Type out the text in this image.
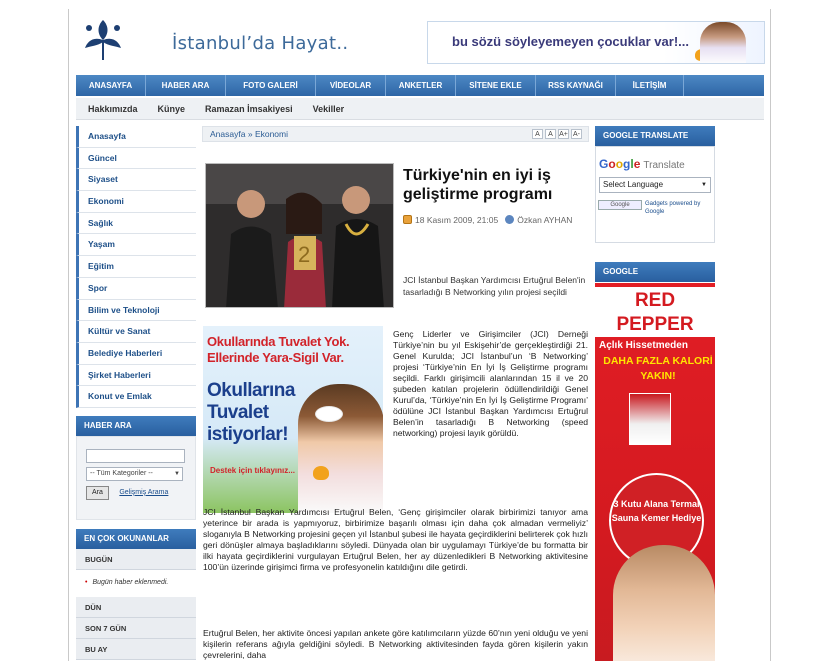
İstanbul’da Hayat..	bu sözü söyleyemeyen çocuklar var!...
ANASAYFA	HABER ARA	FOTO GALERİ	VİDEOLAR	ANKETLER	SİTENE EKLE	RSS KAYNAĞI	İLETİŞİM
Hakkımızda Künye Ramazan İmsakiyesi Vekiller
Anasayfa
Güncel
Siyaset
Ekonomi
Sağlık
Yaşam
Eğitim
Spor
Bilim ve Teknoloji
Kültür ve Sanat
Belediye Haberleri
Şirket Haberleri
Konut ve Emlak
HABER ARA
-- Tüm Kategoriler -- ▼
Ara Gelişmiş Arama
EN ÇOK OKUNANLAR
BUGÜN
• Bugün haber eklenmedi.
DÜN
SON 7 GÜN
BU AY
Anasayfa » Ekonomi	A	A A+ A-
2
Türkiye'nin en iyi iş geliştirme programı
18 Kasım 2009, 21:05 Özkan AYHAN
JCI İstanbul Başkan Yardımcısı Ertuğrul Belen'in tasarladığı B Networking yılın projesi seçildi
Okullarında Tuvalet Yok. Ellerinde Yara-Sigil Var.
Okullarına Tuvalet istiyorlar!
Destek için tıklayınız...
Genç Liderler ve Girişimciler (JCI) Derneği Türkiye’nin bu yıl Eskişehir’de gerçekleştirdiği 21. Genel Kurulda; JCI İstanbul’un ‘B Networking’ projesi ‘Türkiye’nin En İyi İş Geliştirme programı seçildi. Farklı girişimcili alanlarından 15 il ve 20 şubeden katılan projelerin ödüllendirildiği Genel Kurul’da, ‘Türkiye’nin En İyi İş Geliştirme Programı’ ödülüne JCI İstanbul Başkan Yardımcısı Ertuğrul Belen’in tasarladığı B Networking (speed networking) projesi layık görüldü.
JCI İstanbul Başkan Yardımcısı Ertuğrul Belen, ‘Genç girişimciler olarak birbirimizi tanıyor ama yeterince bir arada is yapmıyoruz, birbirimize başarılı olması için daha çok almadan vermeliyiz’ sloganıyla B Networking projesini geçen yıl İstanbul şubesi ile hayata geçirdiklerini belirterek çok hızlı geri dönüşler almaya başladıklarını söyledi. Dünyada olan bir uygulamayı Türkiye’de bu formatta bir ilki hayata geçirdiklerini vurgulayan Ertuğrul Belen, her ay düzenledikleri B Networking aktivitesine 100’ün üzerinde girişimci firma ve profesyonelin katıldığını dile getirdi.
Ertuğrul Belen, her aktivite öncesi yapılan ankete göre katılımcıların yüzde 60’nın yeni olduğu ve yeni kişilerin referans ağıyla geldiğini söyledi. B Networking aktivitesinden fayda gören kişilerin yakın çevrelerini, daha
GOOGLE TRANSLATE
Google Translate
Select Language ▼
Google	Gadgets powered by Google
GOOGLE
RED PEPPER
Açlık Hissetmeden
DAHA FAZLA KALORİ YAKIN!
3 Kutu Alana Termal Sauna Kemer Hediye
